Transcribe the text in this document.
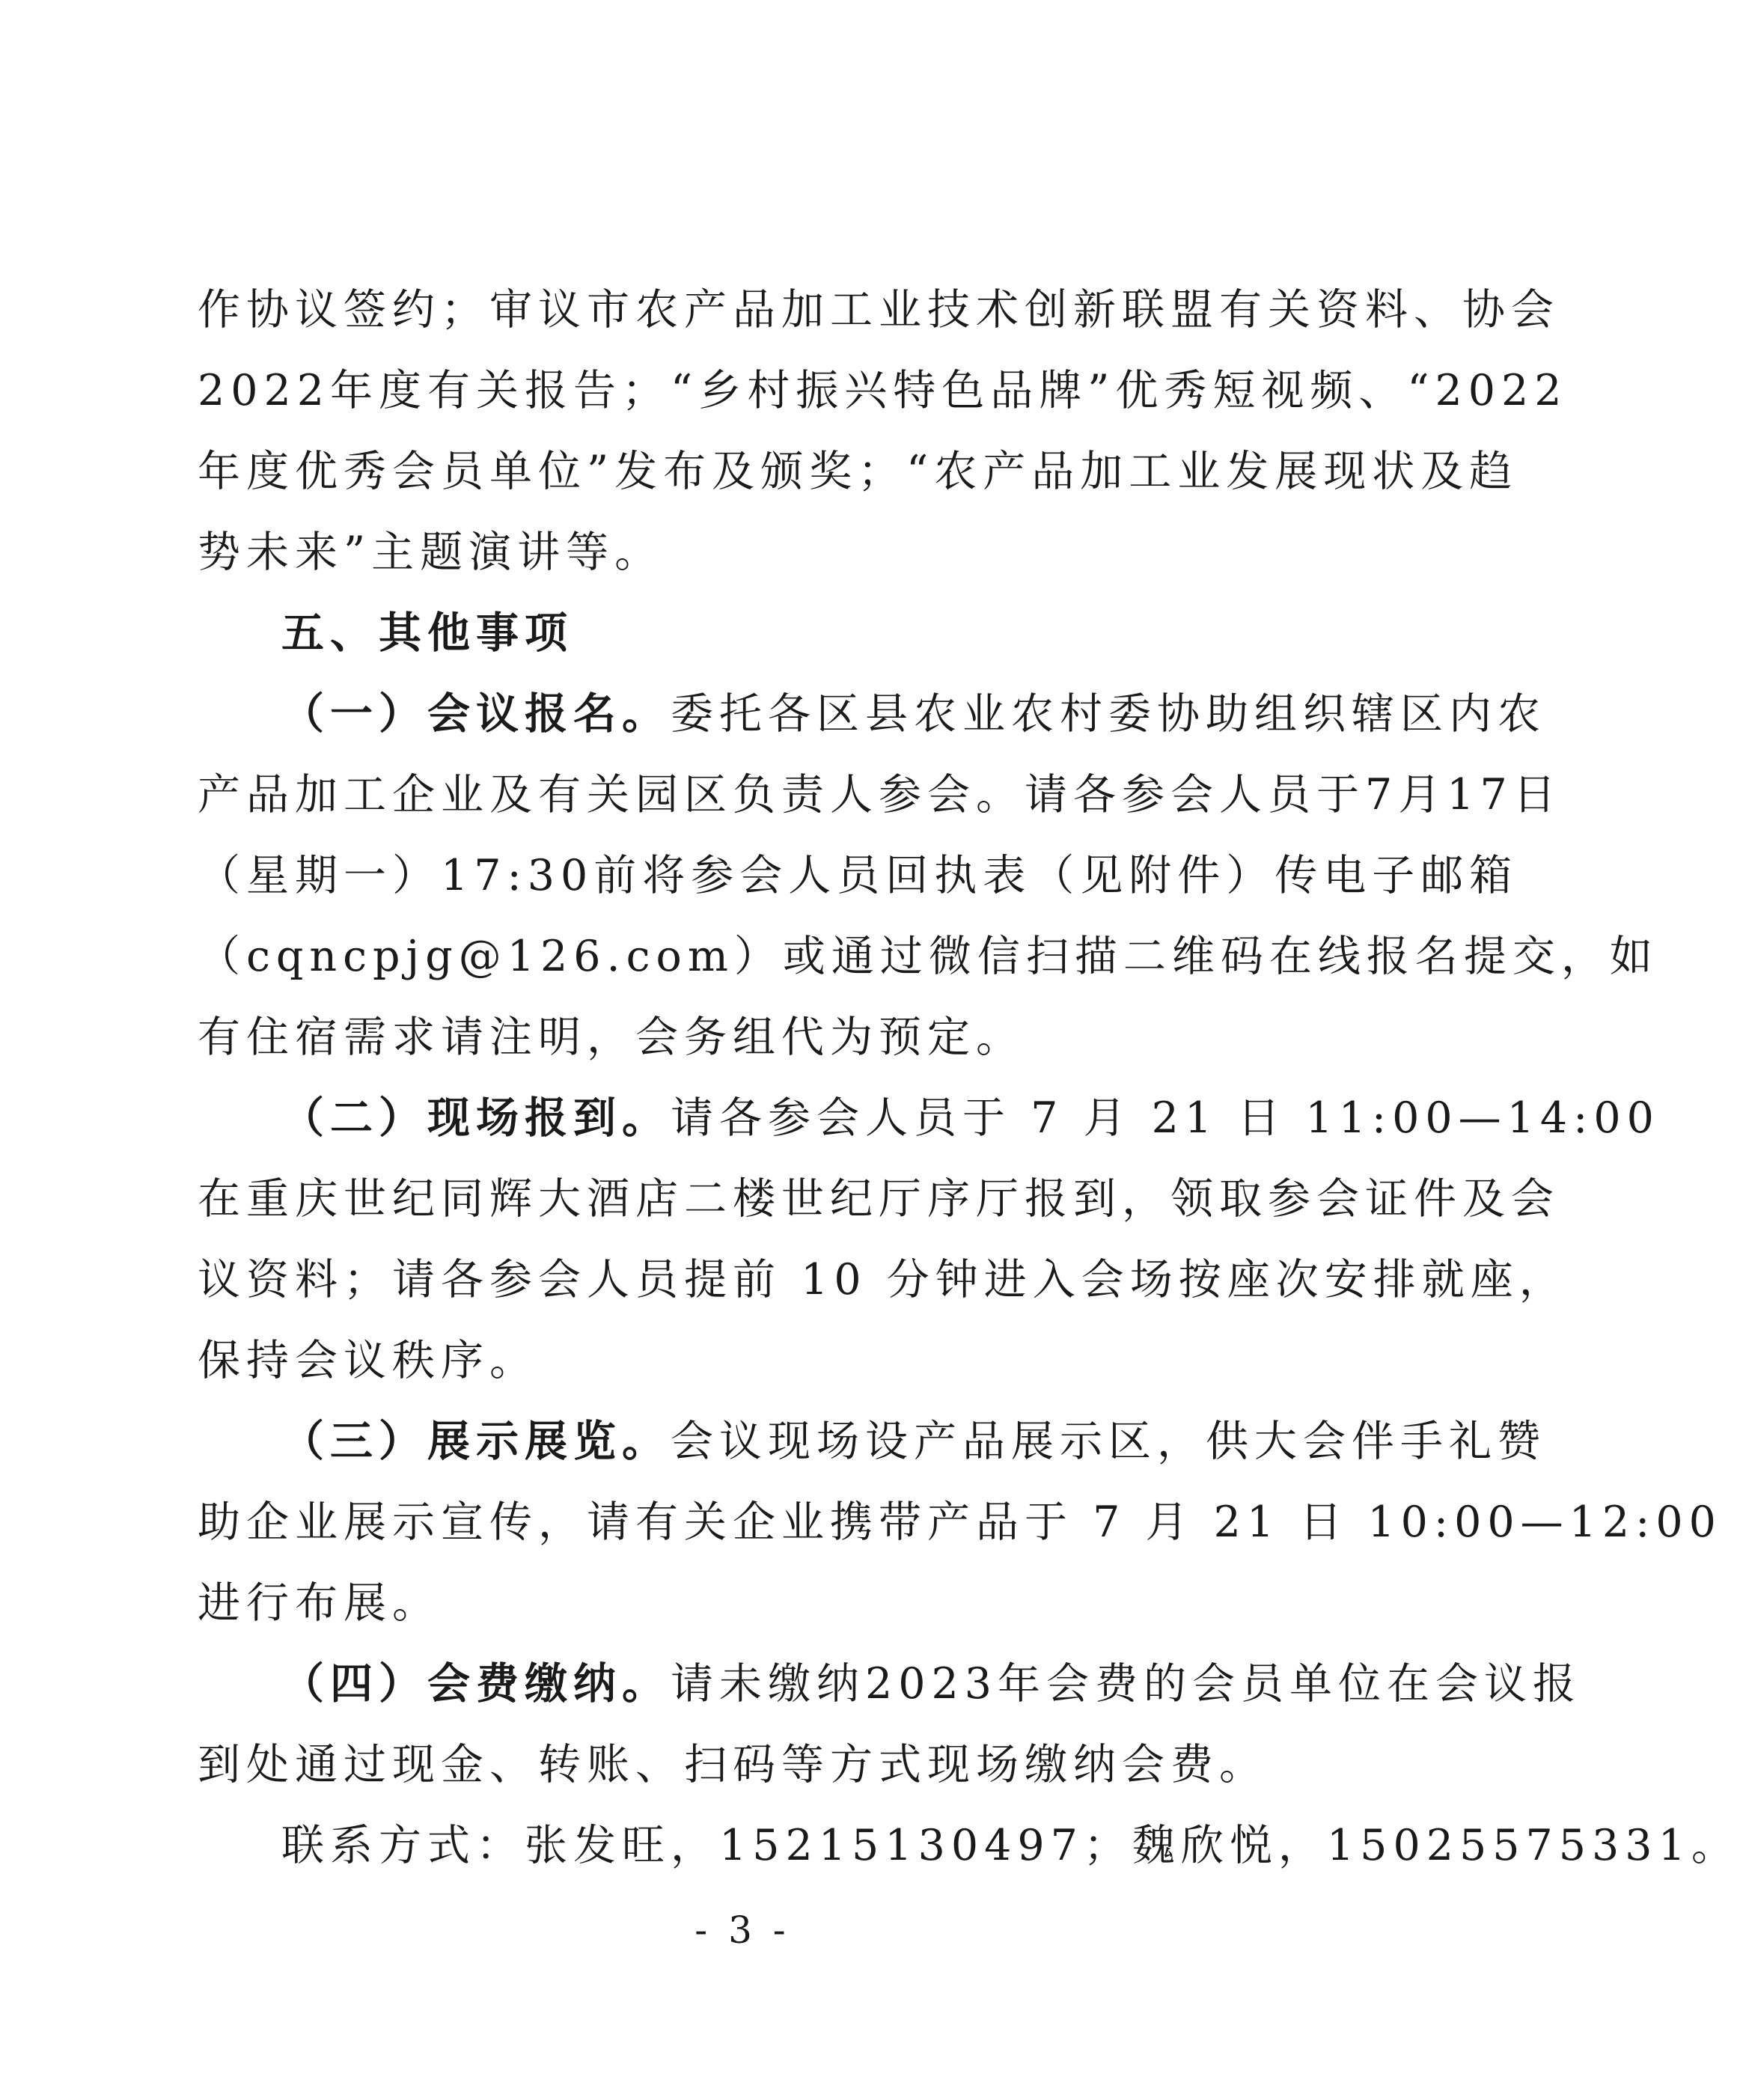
作协议签约；审议市农产品加工业技术创新联盟有关资料、协会
2022年度有关报告；“乡村振兴特色品牌”优秀短视频、“2022
年度优秀会员单位”发布及颁奖；“农产品加工业发展现状及趋
势未来”主题演讲等。
五、其他事项
（一）会议报名。委托各区县农业农村委协助组织辖区内农
产品加工企业及有关园区负责人参会。请各参会人员于7月17日
（星期一）17:30前将参会人员回执表（见附件）传电子邮箱
（cqncpjg@126.com）或通过微信扫描二维码在线报名提交，如
有住宿需求请注明，会务组代为预定。
（二）现场报到。请各参会人员于 7 月 21 日 11:00—14:00
在重庆世纪同辉大酒店二楼世纪厅序厅报到，领取参会证件及会
议资料；请各参会人员提前 10 分钟进入会场按座次安排就座，
保持会议秩序。
（三）展示展览。会议现场设产品展示区，供大会伴手礼赞
助企业展示宣传，请有关企业携带产品于 7 月 21 日 10:00—12:00
进行布展。
（四）会费缴纳。请未缴纳2023年会费的会员单位在会议报
到处通过现金、转账、扫码等方式现场缴纳会费。
联系方式：张发旺，15215130497；魏欣悦，15025575331。
- 3 -
